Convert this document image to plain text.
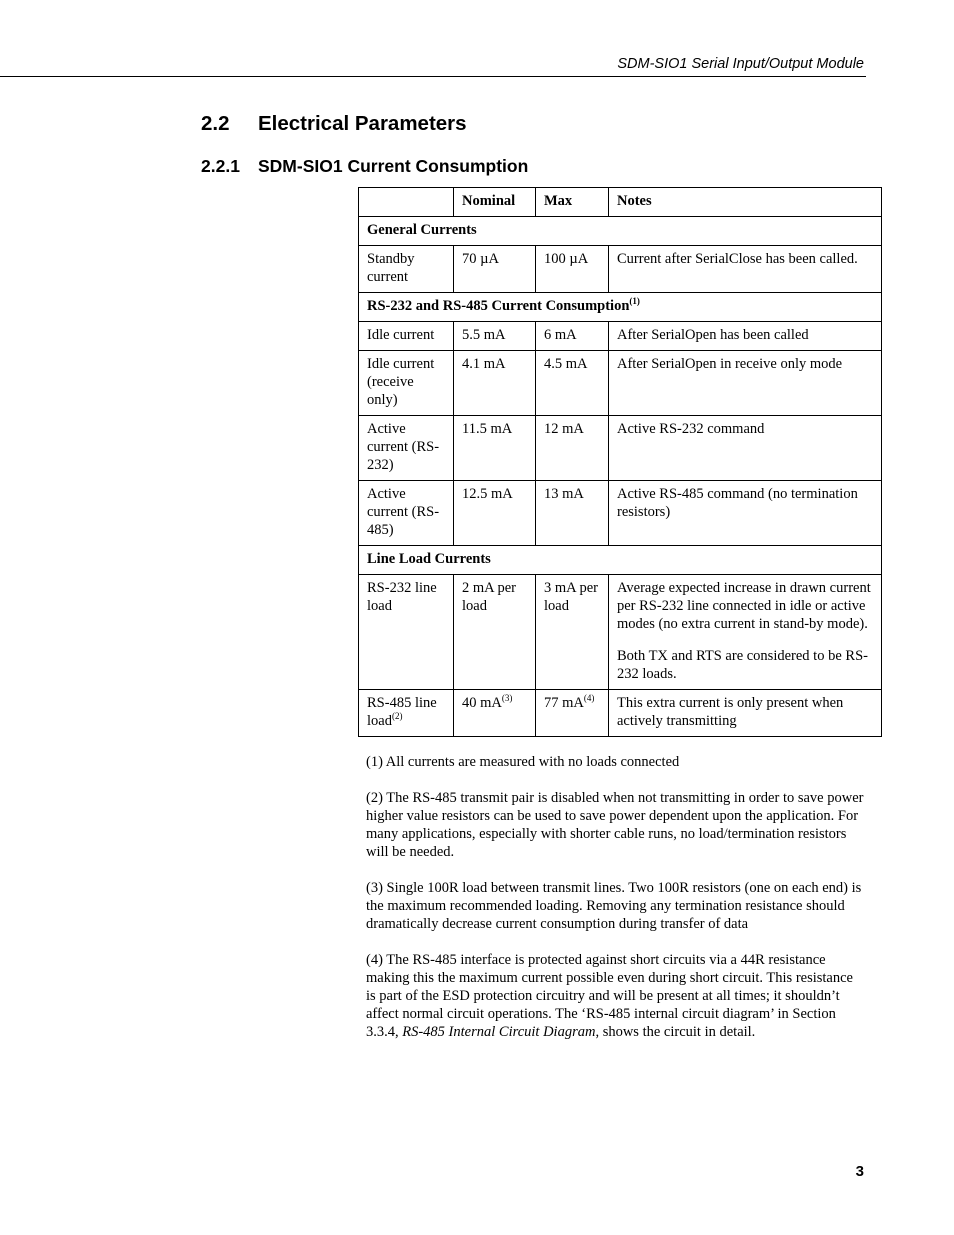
SDM-SIO1 Serial Input/Output Module
2.2 Electrical Parameters
2.2.1 SDM-SIO1 Current Consumption
	Nominal	Max	Notes
General Currents			
Standby current	70 µA	100 µA	Current after SerialClose has been called.
RS-232 and RS-485 Current Consumption$^{(1)}$
Idle current	5.5 mA	6 mA	After SerialOpen has been called
Idle current (receive only)	4.1 mA	4.5 mA	After SerialOpen in receive only mode
Active current (RS-232)	11.5 mA	12 mA	Active RS-232 command
Active current (RS-485)	12.5 mA	13 mA	Active RS-485 command (no termination resistors)
Line Load Currents			
RS-232 line load	2 mA per load	3 mA per load	Average expected increase in drawn current per RS-232 line connected in idle or active modes (no extra current in stand-by mode).

Both TX and RTS are considered to be RS-232 loads.

RS-485 line load$^{(2)}$	40 $mA^{(3)}$	77 $mA^{(4)}$	This extra current is only present when actively transmitting

(1) All currents are measured with no loads connected

(2) The RS-485 transmit pair is disabled when not transmitting in order to save power higher value resistors can be used to save power dependent upon the application. For many applications, especially with shorter cable runs, no load/termination resistors will be needed.

(3) Single 100R load between transmit lines. Two 100R resistors (one on each end) is the maximum recommended loading. Removing any termination resistance should dramatically decrease current consumption during transfer of data

(4) The RS-485 interface is protected against short circuits via a 44R resistance making this the maximum current possible even during short circuit. This resistance is part of the ESD protection circuitry and will be present at all times; it shouldn’t affect normal circuit operations. The ‘RS-485 internal circuit diagram’ in Section 3.3.4, RS-485 Internal Circuit Diagram, shows the circuit in detail.

3
